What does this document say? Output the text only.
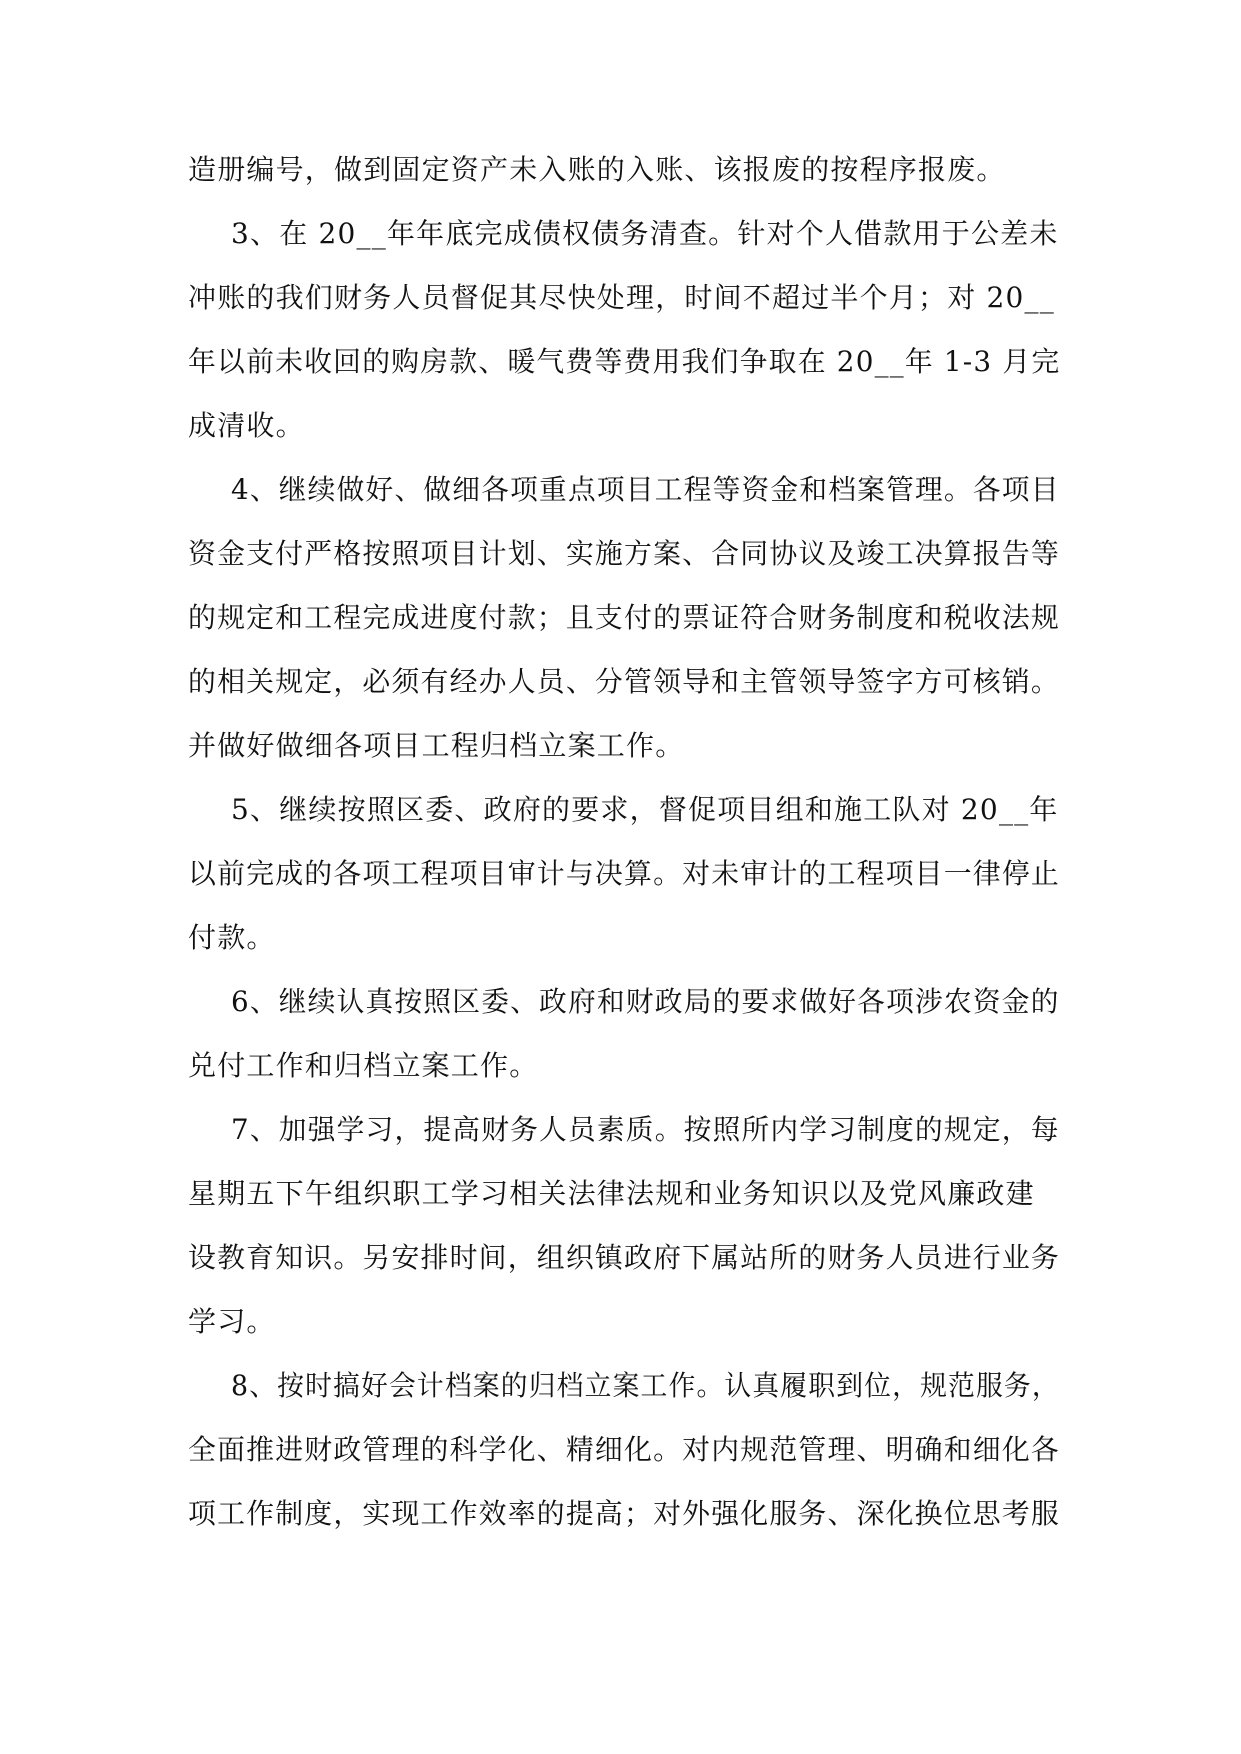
造册编号，做到固定资产未入账的入账、该报废的按程序报废。
3、在 20__年年底完成债权债务清查。针对个人借款用于公差未
冲账的我们财务人员督促其尽快处理，时间不超过半个月；对 20__
年以前未收回的购房款、暖气费等费用我们争取在 20__年 1-3 月完
成清收。
4、继续做好、做细各项重点项目工程等资金和档案管理。各项目
资金支付严格按照项目计划、实施方案、合同协议及竣工决算报告等
的规定和工程完成进度付款；且支付的票证符合财务制度和税收法规
的相关规定，必须有经办人员、分管领导和主管领导签字方可核销。
并做好做细各项目工程归档立案工作。
5、继续按照区委、政府的要求，督促项目组和施工队对 20__年
以前完成的各项工程项目审计与决算。对未审计的工程项目一律停止
付款。
6、继续认真按照区委、政府和财政局的要求做好各项涉农资金的
兑付工作和归档立案工作。
7、加强学习，提高财务人员素质。按照所内学习制度的规定，每
星期五下午组织职工学习相关法律法规和业务知识以及党风廉政建
设教育知识。另安排时间，组织镇政府下属站所的财务人员进行业务
学习。
8、按时搞好会计档案的归档立案工作。认真履职到位，规范服务，
全面推进财政管理的科学化、精细化。对内规范管理、明确和细化各
项工作制度，实现工作效率的提高；对外强化服务、深化换位思考服
